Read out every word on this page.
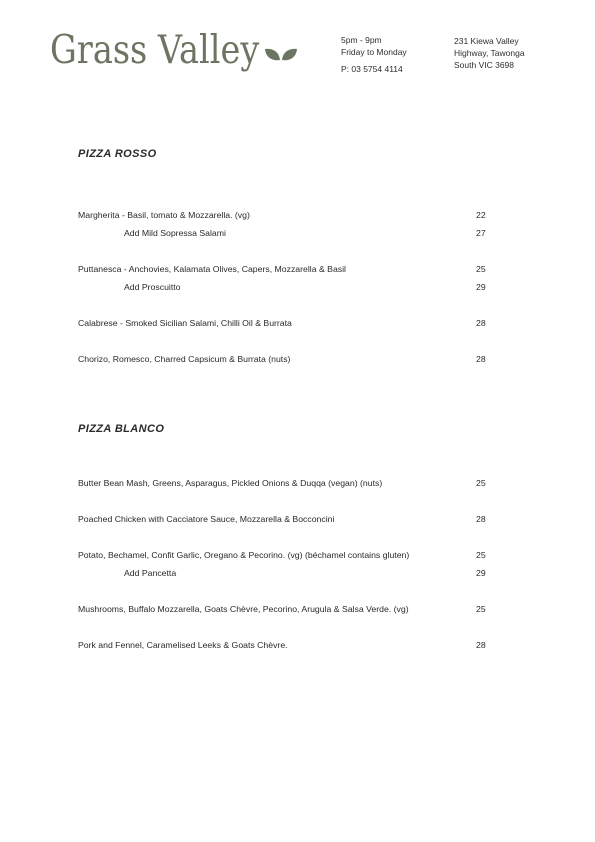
Grass Valley	5pm - 9pm
Friday to Monday
P: 03 5754 4114
231 Kiewa Valley
Highway, Tawonga
South VIC 3698
PIZZA ROSSO
Margherita - Basil, tomato & Mozzarella. (vg)	22
Add Mild Sopressa Salami	27
Puttanesca - Anchovies, Kalamata Olives, Capers, Mozzarella & Basil	25
Add Proscuitto	29
Calabrese - Smoked Sicilian Salami, Chilli Oil & Burrata	28
Chorizo, Romesco, Charred Capsicum & Burrata (nuts)	28
PIZZA BLANCO
Butter Bean Mash, Greens, Asparagus, Pickled Onions & Duqqa (vegan) (nuts)	25
Poached Chicken with Cacciatore Sauce, Mozzarella & Bocconcini	28
Potato, Bechamel, Confit Garlic, Oregano & Pecorino. (vg) (béchamel contains gluten)	25
Add Pancetta	29
Mushrooms, Buffalo Mozzarella, Goats Chèvre, Pecorino, Arugula & Salsa Verde. (vg)	25
Pork and Fennel, Caramelised Leeks & Goats Chèvre.	28
